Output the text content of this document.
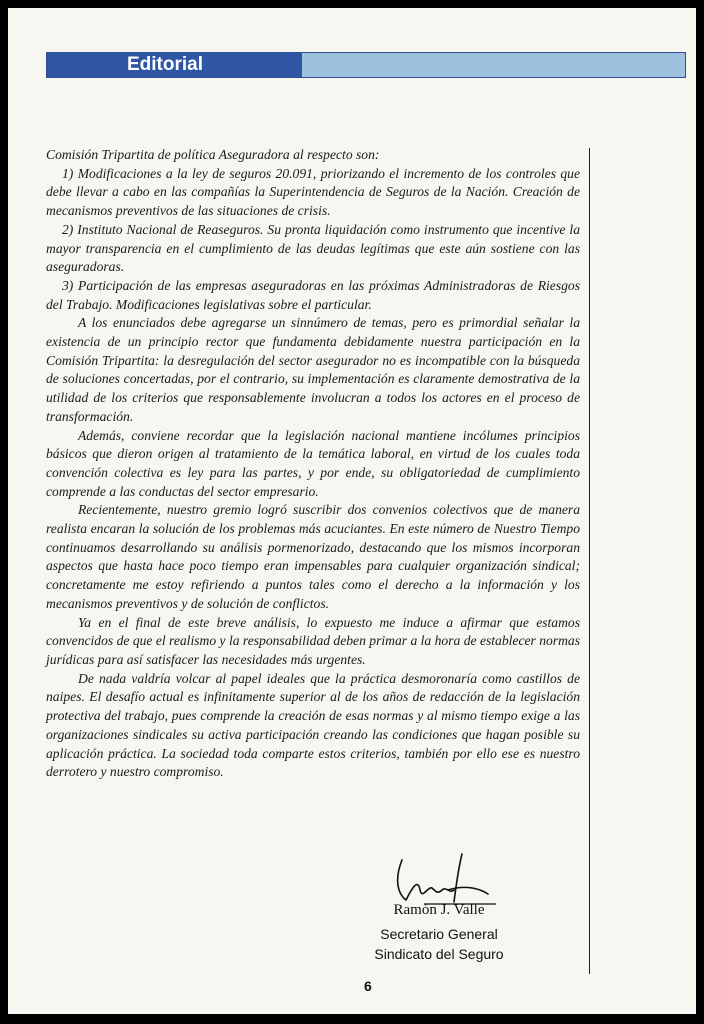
Editorial

Comisión Tripartita de política Aseguradora al respecto son:

1) Modificaciones a la ley de seguros 20.091, priorizando el incremento de los controles que debe llevar a cabo en las compañías la Superintendencia de Seguros de la Nación. Creación de mecanismos preventivos de las situaciones de crisis.

2) Instituto Nacional de Reaseguros. Su pronta liquidación como instrumento que incentive la mayor transparencia en el cumplimiento de las deudas legítimas que este aún sostiene con las aseguradoras.

3) Participación de las empresas aseguradoras en las próximas Administradoras de Riesgos del Trabajo. Modificaciones legislativas sobre el particular.

A los enunciados debe agregarse un sinnúmero de temas, pero es primordial señalar la existencia de un principio rector que fundamenta debidamente nuestra participación en la Comisión Tripartita: la desregulación del sector asegurador no es incompatible con la búsqueda de soluciones concertadas, por el contrario, su implementación es claramente demostrativa de la utilidad de los criterios que responsablemente involucran a todos los actores en el proceso de transformación.

Además, conviene recordar que la legislación nacional mantiene incólumes principios básicos que dieron origen al tratamiento de la temática laboral, en virtud de los cuales toda convención colectiva es ley para las partes, y por ende, su obligatoriedad de cumplimiento comprende a las conductas del sector empresario.

Recientemente, nuestro gremio logró suscribir dos convenios colectivos que de manera realista encaran la solución de los problemas más acuciantes. En este número de Nuestro Tiempo continuamos desarrollando su análisis pormenorizado, destacando que los mismos incorporan aspectos que hasta hace poco tiempo eran impensables para cualquier organización sindical; concretamente me estoy refiriendo a puntos tales como el derecho a la información y los mecanismos preventivos y de solución de conflictos.

Ya en el final de este breve análisis, lo expuesto me induce a afirmar que estamos convencidos de que el realismo y la responsabilidad deben primar a la hora de establecer normas jurídicas para así satisfacer las necesidades más urgentes.

De nada valdría volcar al papel ideales que la práctica desmoronaría como castillos de naipes. El desafío actual es infinitamente superior al de los años de redacción de la legislación protectiva del trabajo, pues comprende la creación de esas normas y al mismo tiempo exige a las organizaciones sindicales su activa participación creando las condiciones que hagan posible su aplicación práctica. La sociedad toda comparte estos criterios, también por ello ese es nuestro derrotero y nuestro compromiso.

Ramón J. Valle
Secretario General
Sindicato del Seguro
6
